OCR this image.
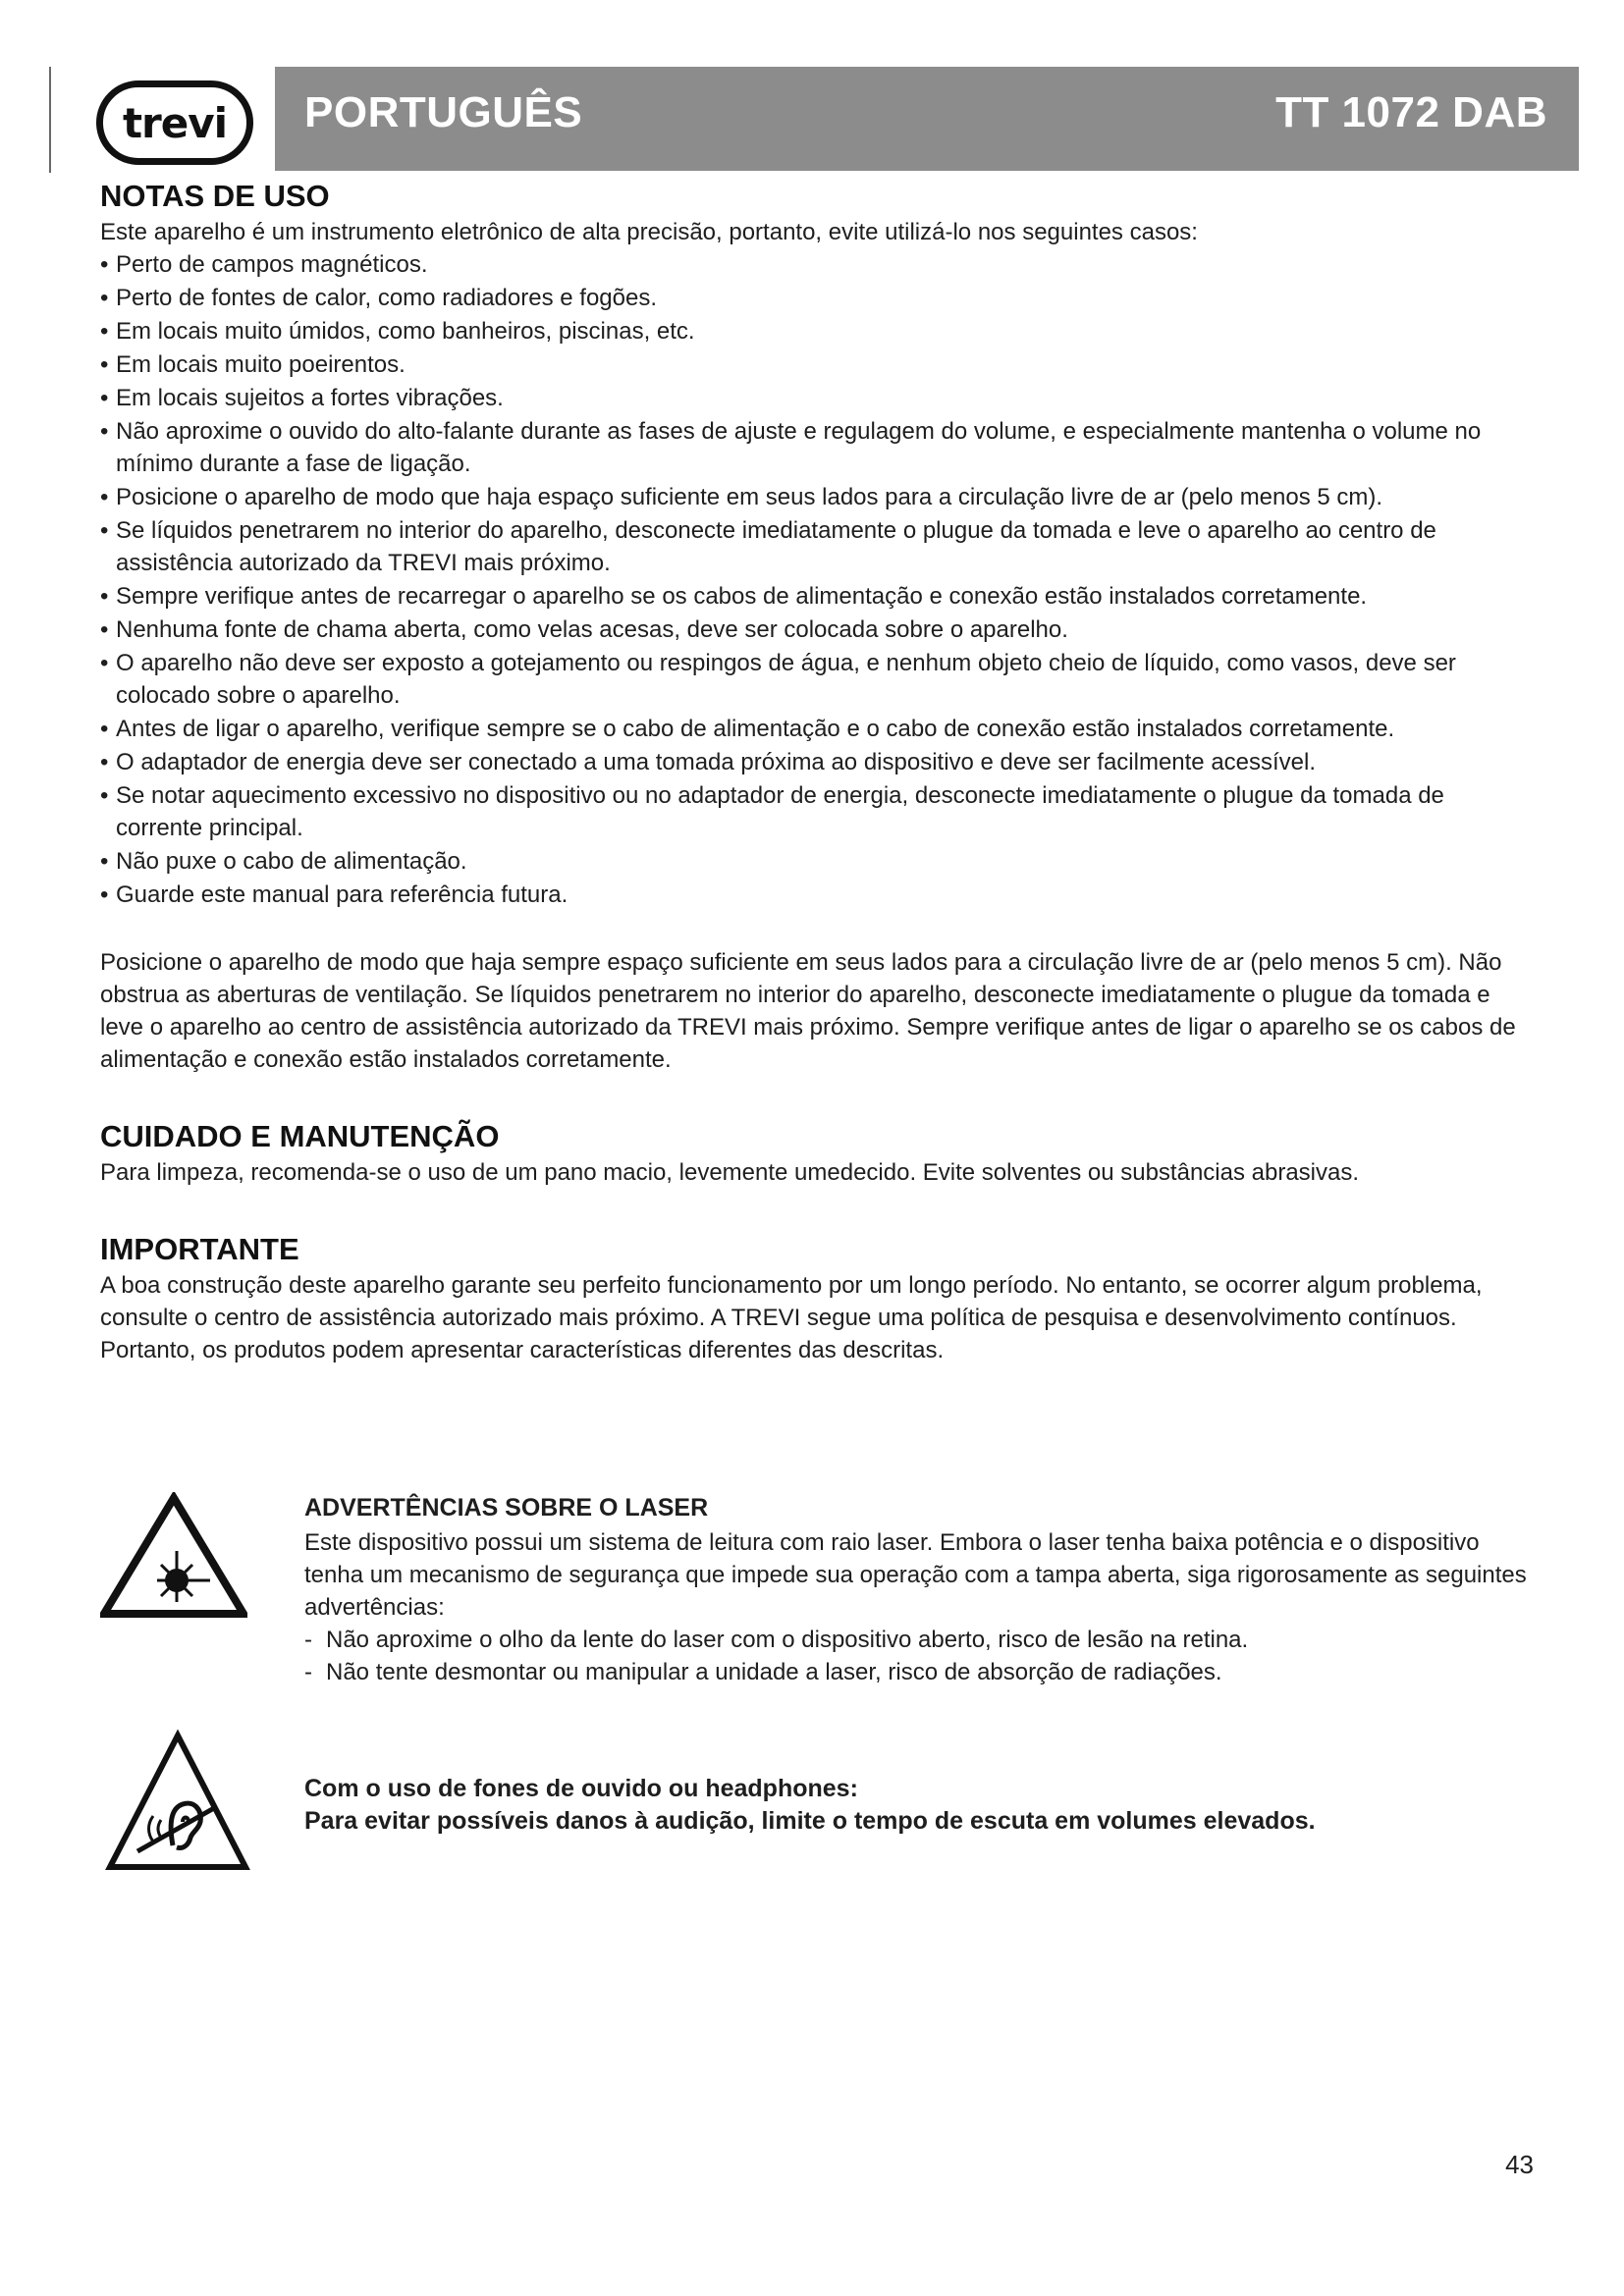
trevi	PORTUGUÊS	TT 1072 DAB
NOTAS DE USO

Este aparelho é um instrumento eletrônico de alta precisão, portanto, evite utilizá-lo nos seguintes casos:

• Perto de campos magnéticos.
• Perto de fontes de calor, como radiadores e fogões.
• Em locais muito úmidos, como banheiros, piscinas, etc.
• Em locais muito poeirentos.
• Em locais sujeitos a fortes vibrações.
• Não aproxime o ouvido do alto-falante durante as fases de ajuste e regulagem do volume, e especialmente mantenha o volume no mínimo durante a fase de ligação.
• Posicione o aparelho de modo que haja espaço suficiente em seus lados para a circulação livre de ar (pelo menos 5 cm).
• Se líquidos penetrarem no interior do aparelho, desconecte imediatamente o plugue da tomada e leve o aparelho ao centro de assistência autorizado da TREVI mais próximo.
• Sempre verifique antes de recarregar o aparelho se os cabos de alimentação e conexão estão instalados corretamente.
• Nenhuma fonte de chama aberta, como velas acesas, deve ser colocada sobre o aparelho.
• O aparelho não deve ser exposto a gotejamento ou respingos de água, e nenhum objeto cheio de líquido, como vasos, deve ser colocado sobre o aparelho.
• Antes de ligar o aparelho, verifique sempre se o cabo de alimentação e o cabo de conexão estão instalados corretamente.
• O adaptador de energia deve ser conectado a uma tomada próxima ao dispositivo e deve ser facilmente acessível.
• Se notar aquecimento excessivo no dispositivo ou no adaptador de energia, desconecte imediatamente o plugue da tomada de corrente principal.
• Não puxe o cabo de alimentação.
• Guarde este manual para referência futura.

Posicione o aparelho de modo que haja sempre espaço suficiente em seus lados para a circulação livre de ar (pelo menos 5 cm). Não obstrua as aberturas de ventilação. Se líquidos penetrarem no interior do aparelho, desconecte imediatamente o plugue da tomada e leve o aparelho ao centro de assistência autorizado da TREVI mais próximo. Sempre verifique antes de ligar o aparelho se os cabos de alimentação e conexão estão instalados corretamente.

CUIDADO E MANUTENÇÃO

Para limpeza, recomenda-se o uso de um pano macio, levemente umedecido. Evite solventes ou substâncias abrasivas.

IMPORTANTE

A boa construção deste aparelho garante seu perfeito funcionamento por um longo período. No entanto, se ocorrer algum problema, consulte o centro de assistência autorizado mais próximo. A TREVI segue uma política de pesquisa e desenvolvimento contínuos. Portanto, os produtos podem apresentar características diferentes das descritas.

ADVERTÊNCIAS SOBRE O LASER

Este dispositivo possui um sistema de leitura com raio laser. Embora o laser tenha baixa potência e o dispositivo tenha um mecanismo de segurança que impede sua operação com a tampa aberta, siga rigorosamente as seguintes advertências:

- Não aproxime o olho da lente do laser com o dispositivo aberto, risco de lesão na retina.
- Não tente desmontar ou manipular a unidade a laser, risco de absorção de radiações.

Com o uso de fones de ouvido ou headphones:

Para evitar possíveis danos à audição, limite o tempo de escuta em volumes elevados.

43
